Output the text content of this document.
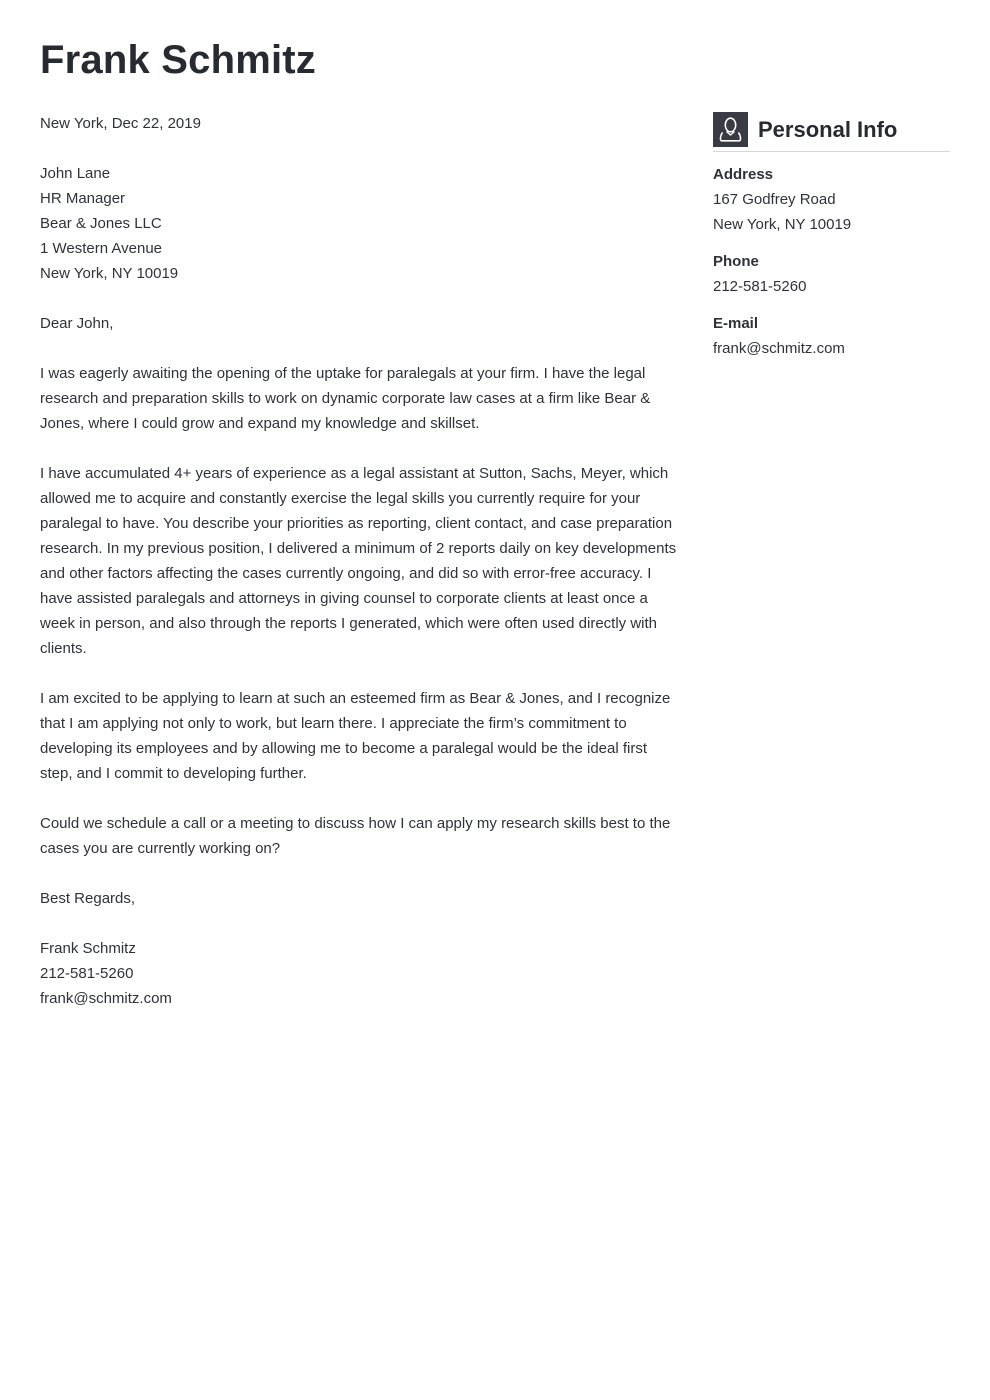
Frank Schmitz

New York, Dec 22, 2019

John Lane

HR Manager

Bear & Jones LLC

1 Western Avenue

New York, NY 10019

Dear John,

I was eagerly awaiting the opening of the uptake for paralegals at your firm. I have the legal research and preparation skills to work on dynamic corporate law cases at a firm like Bear & Jones, where I could grow and expand my knowledge and skillset.

I have accumulated 4+ years of experience as a legal assistant at Sutton, Sachs, Meyer, which allowed me to acquire and constantly exercise the legal skills you currently require for your paralegal to have. You describe your priorities as reporting, client contact, and case preparation research. In my previous position, I delivered a minimum of 2 reports daily on key developments and other factors affecting the cases currently ongoing, and did so with error-free accuracy. I have assisted paralegals and attorneys in giving counsel to corporate clients at least once a week in person, and also through the reports I generated, which were often used directly with clients.

I am excited to be applying to learn at such an esteemed firm as Bear & Jones, and I recognize that I am applying not only to work, but learn there. I appreciate the firm’s commitment to developing its employees and by allowing me to become a paralegal would be the ideal first step, and I commit to developing further.

Could we schedule a call or a meeting to discuss how I can apply my research skills best to the cases you are currently working on?

Best Regards,

Frank Schmitz

212-581-5260

frank@schmitz.com

Personal Info

Address

167 Godfrey Road

New York, NY 10019

Phone

212-581-5260

E-mail

frank@schmitz.com
